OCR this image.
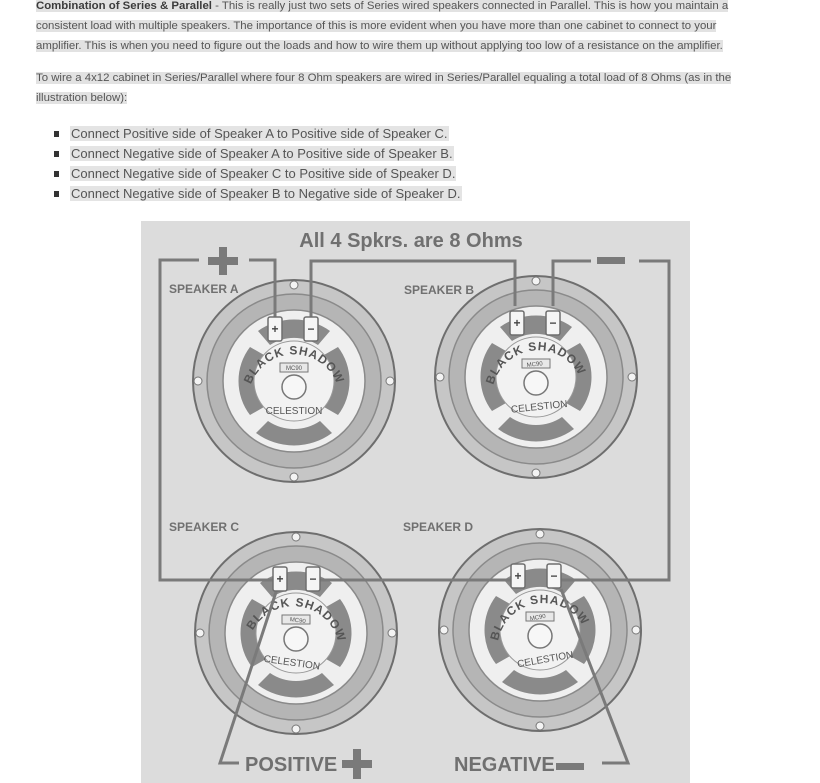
Combination of Series & Parallel - This is really just two sets of Series wired speakers connected in Parallel. This is how you maintain a consistent load with multiple speakers. The importance of this is more evident when you have more than one cabinet to connect to your amplifier. This is when you need to figure out the loads and how to wire them up without applying too low of a resistance on the amplifier.
To wire a 4x12 cabinet in Series/Parallel where four 8 Ohm speakers are wired in Series/Parallel equaling a total load of 8 Ohms (as in the illustration below):
Connect Positive side of Speaker A to Positive side of Speaker C.
Connect Negative side of Speaker A to Positive side of Speaker B.
Connect Negative side of Speaker C to Positive side of Speaker D.
Connect Negative side of Speaker B to Negative side of Speaker D.
BLACK SHADOW
MC90
CELESTION
BLACK SHADOW
MC90
CELESTION
BLACK SHADOW
MC90
CELESTION
BLACK SHADOW
MC90
CELESTION
+ −	+ −
+ −	+ −
All 4 Spkrs. are 8 Ohms
SPEAKER A	SPEAKER B
SPEAKER C	SPEAKER D
POSITIVE	NEGATIVE
